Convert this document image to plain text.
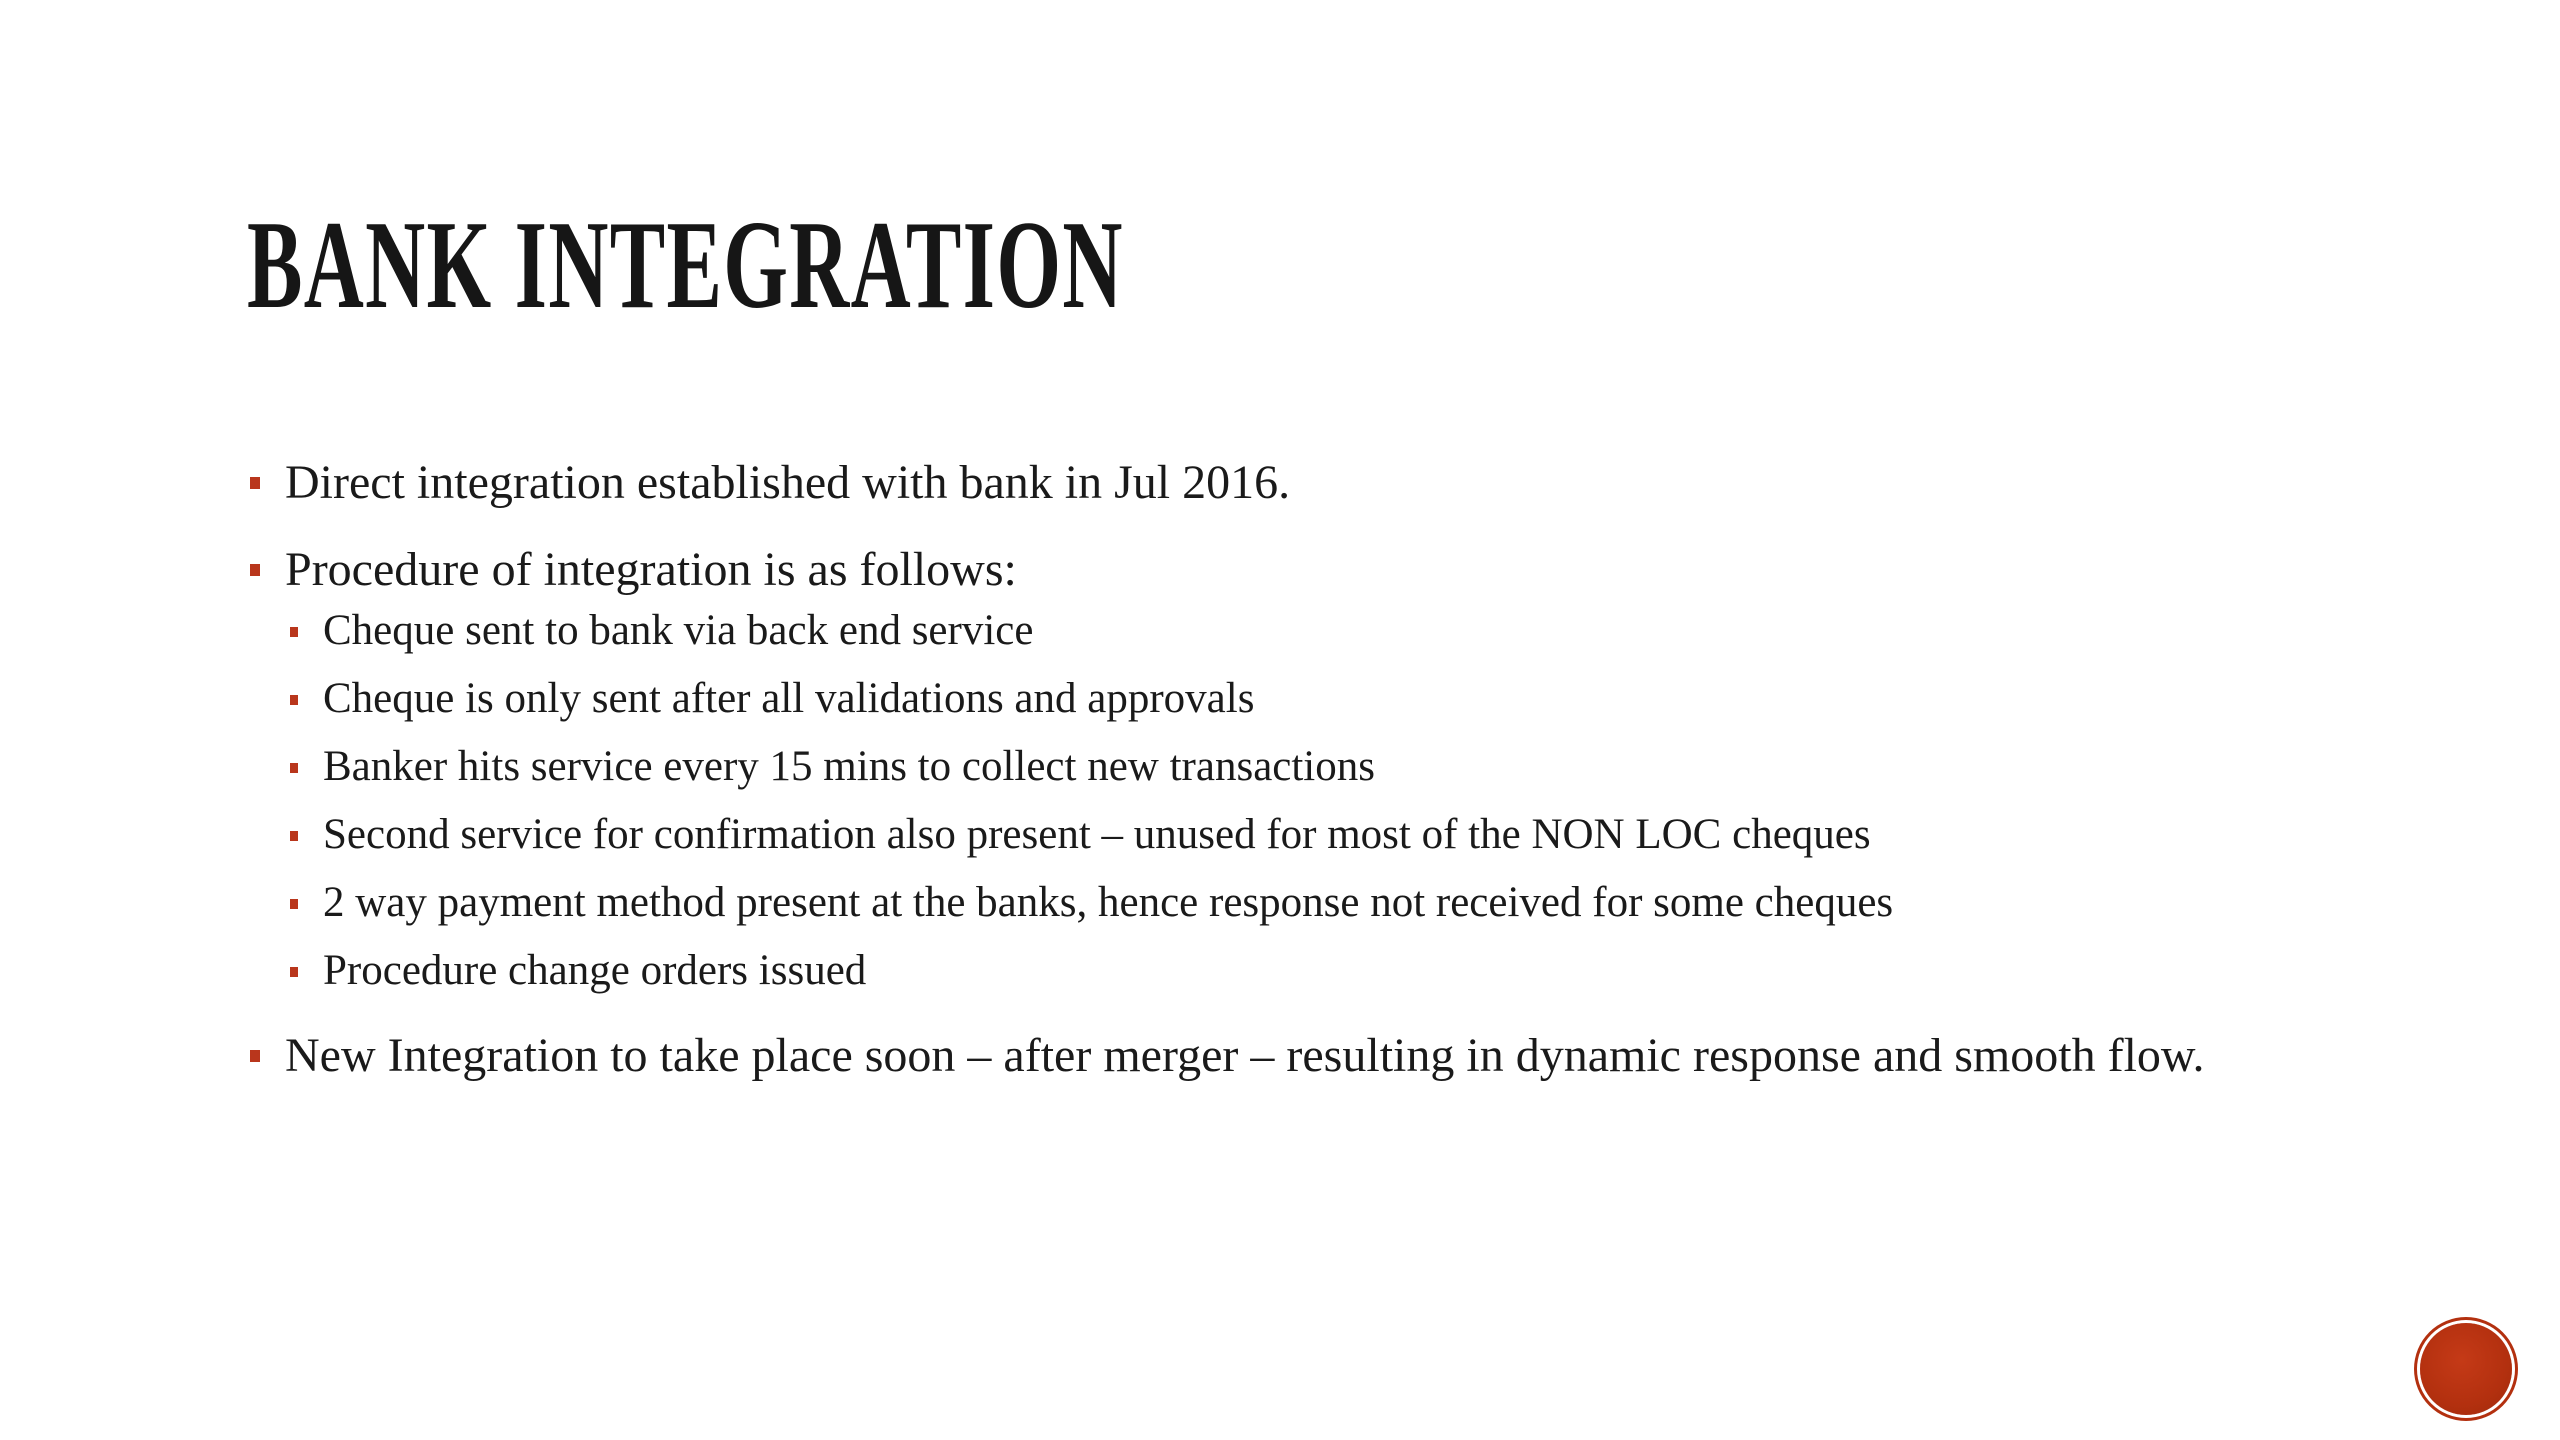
BANK INTEGRATION
Direct integration established with bank in Jul 2016.
Procedure of integration is as follows:
Cheque sent to bank via back end service
Cheque is only sent after all validations and approvals
Banker hits service every 15 mins to collect new transactions
Second service for confirmation also present – unused for most of the NON LOC cheques
2 way payment method present at the banks, hence response not received for some cheques
Procedure change orders issued
New Integration to take place soon – after merger – resulting in dynamic response and smooth flow.
